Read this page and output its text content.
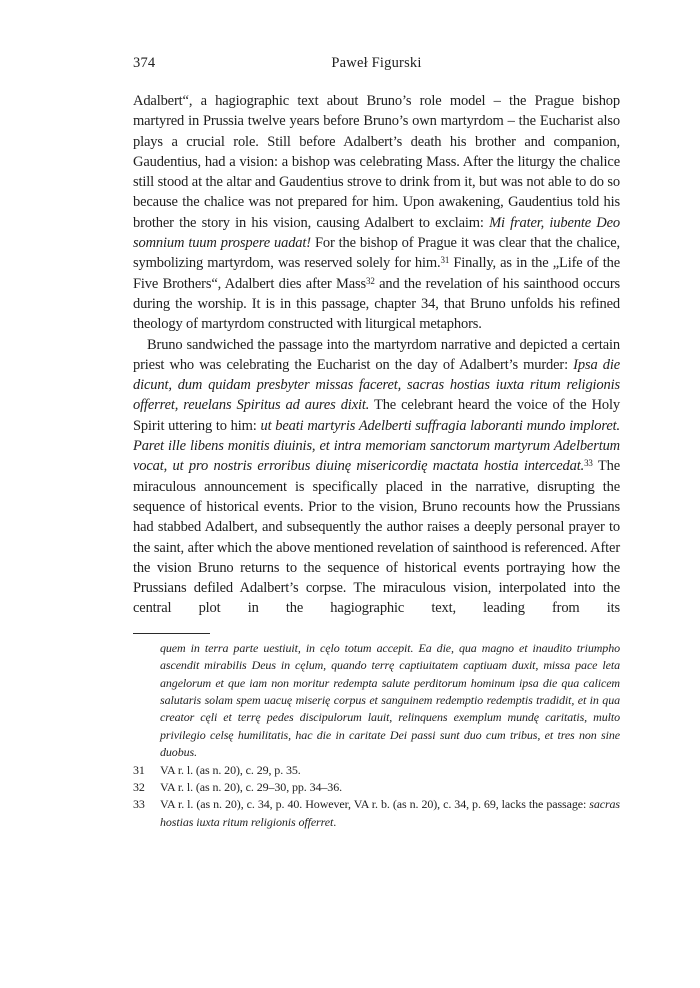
374	Paweł Figurski

Adalbert“, a hagiographic text about Bruno’s role model – the Prague bishop martyred in Prussia twelve years before Bruno’s own martyrdom – the Eucharist also plays a crucial role. Still before Adalbert’s death his brother and companion, Gaudentius, had a vision: a bishop was celebrating Mass. After the liturgy the chalice still stood at the altar and Gaudentius strove to drink from it, but was not able to do so because the chalice was not prepared for him. Upon awakening, Gaudentius told his brother the story in his vision, causing Adalbert to exclaim: Mi frater, iubente Deo somnium tuum prospere uadat! For the bishop of Prague it was clear that the chalice, symbolizing martyrdom, was reserved solely for him.$^{31}$ Finally, as in the „Life of the Five Brothers“, Adalbert dies after Mass$^{32}$ and the revelation of his sainthood occurs during the worship. It is in this passage, chapter 34, that Bruno unfolds his refined theology of martyrdom constructed with liturgical metaphors.

Bruno sandwiched the passage into the martyrdom narrative and depicted a certain priest who was celebrating the Eucharist on the day of Adalbert’s murder: Ipsa die dicunt, dum quidam presbyter missas faceret, sacras hostias iuxta ritum religionis offerret, reuelans Spiritus ad aures dixit. The celebrant heard the voice of the Holy Spirit uttering to him: ut beati martyris Adelberti suffragia laboranti mundo imploret. Paret ille libens monitis diuinis, et intra memoriam sanctorum martyrum Adelbertum vocat, ut pro nostris erroribus diuinę misericordię mactata hostia intercedat.$^{33}$ The miraculous announcement is specifically placed in the narrative, disrupting the sequence of historical events. Prior to the vision, Bruno recounts how the Prussians had stabbed Adalbert, and subsequently the author raises a deeply personal prayer to the saint, after which the above mentioned revelation of sainthood is referenced. After the vision Bruno returns to the sequence of historical events portraying how the Prussians defiled Adalbert’s corpse. The miraculous vision, interpolated into the central plot in the hagiographic text, leading from its

quem in terra parte uestiuit, in cęlo totum accepit. Ea die, qua magno et inaudito triumpho ascendit mirabilis Deus in cęlum, quando terrę captiuitatem captiuam duxit, missa pace leta angelorum et que iam non moritur redempta salute perditorum hominum ipsa die qua calicem salutaris solam spem uacuę miserię corpus et sanguinem redemptio redemptis tradidit, et in qua creator cęli et terrę pedes discipulorum lauit, relinquens exemplum mundę caritatis, multo privilegio celsę humilitatis, hac die in caritate Dei passi sunt duo cum tribus, et tres non sine duobus.
31 VA r. l. (as n. 20), c. 29, p. 35.
32 VA r. l. (as n. 20), c. 29–30, pp. 34–36.
33 VA r. l. (as n. 20), c. 34, p. 40. However, VA r. b. (as n. 20), c. 34, p. 69, lacks the passage: sacras hostias iuxta ritum religionis offerret.
